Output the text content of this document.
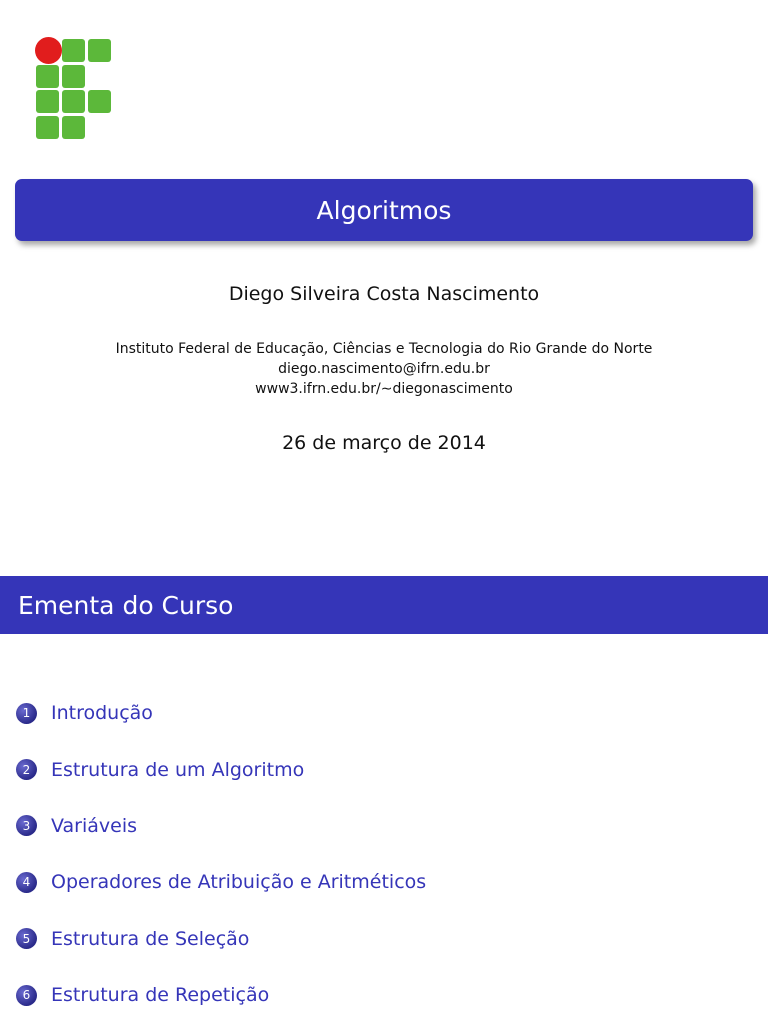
Algoritmos
Diego Silveira Costa Nascimento
Instituto Federal de Educação, Ciências e Tecnologia do Rio Grande do Norte
diego.nascimento@ifrn.edu.br
www3.ifrn.edu.br/∼diegonascimento
26 de março de 2014
Ementa do Curso
1	Introdução
2	Estrutura de um Algoritmo
3	Variáveis
4	Operadores de Atribuição e Aritméticos
5	Estrutura de Seleção
6	Estrutura de Repetição
